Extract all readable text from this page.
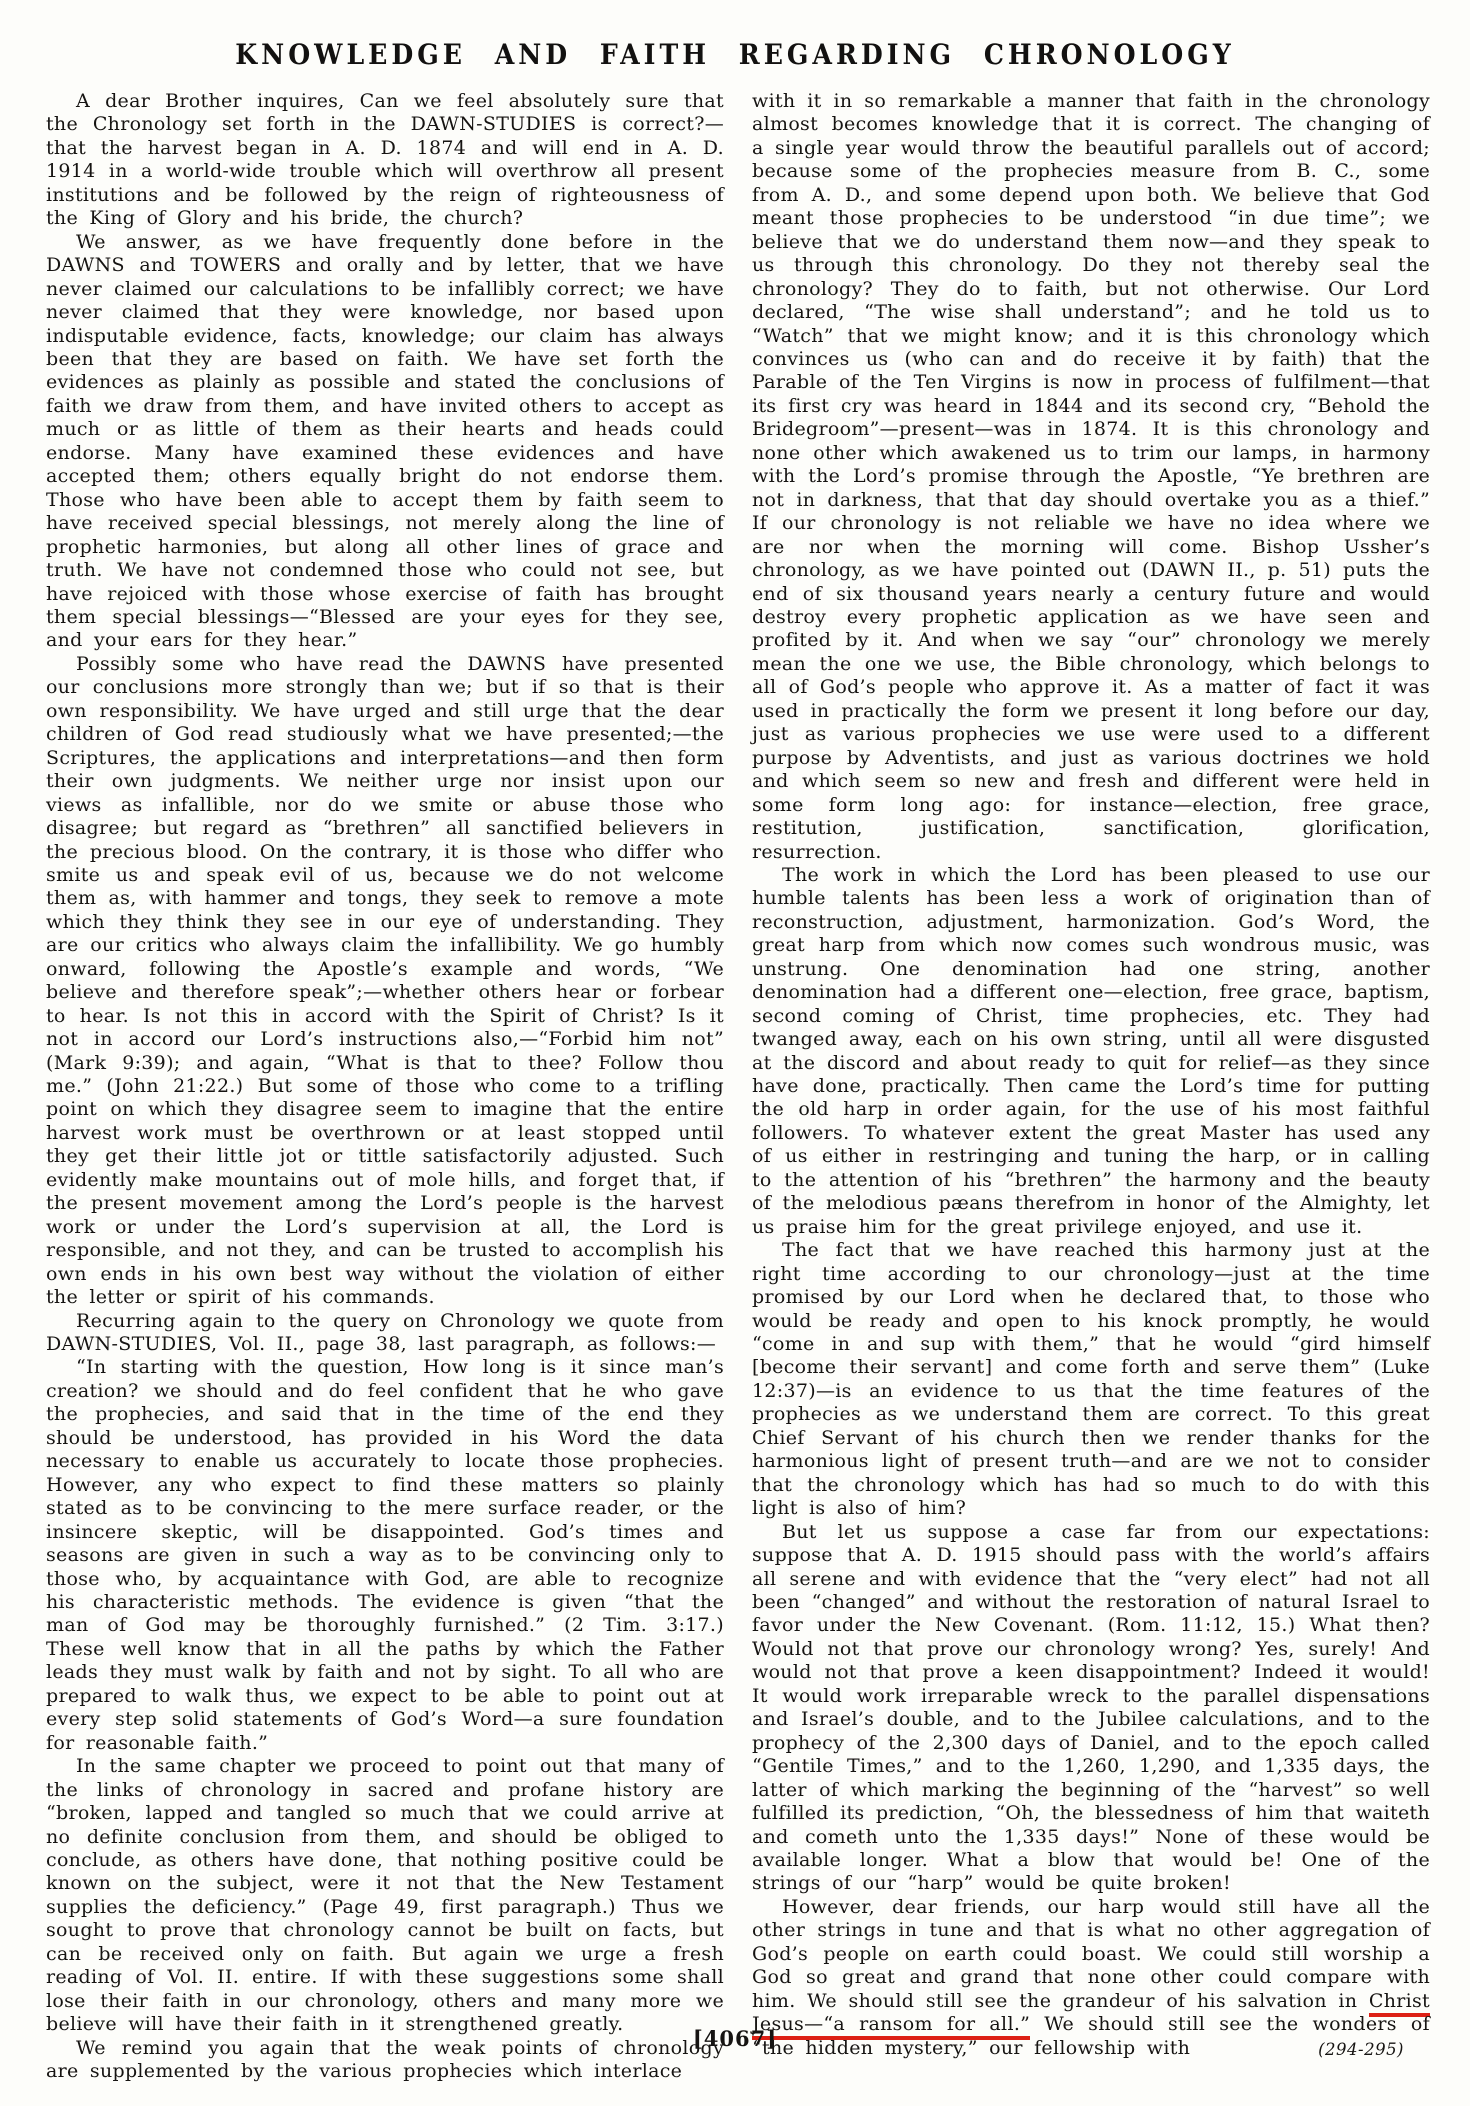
KNOWLEDGE AND FAITH REGARDING CHRONOLOGY

A dear Brother inquires, Can we feel absolutely sure that the Chronology set forth in the DAWN-STUDIES is correct?—that the harvest began in A. D. 1874 and will end in A. D. 1914 in a world-wide trouble which will overthrow all present institutions and be followed by the reign of righteousness of the King of Glory and his bride, the church?

We answer, as we have frequently done before in the DAWNS and TOWERS and orally and by letter, that we have never claimed our calculations to be infallibly correct; we have never claimed that they were knowledge, nor based upon indisputable evidence, facts, knowledge; our claim has always been that they are based on faith. We have set forth the evidences as plainly as possible and stated the conclusions of faith we draw from them, and have invited others to accept as much or as little of them as their hearts and heads could endorse. Many have examined these evidences and have accepted them; others equally bright do not endorse them. Those who have been able to accept them by faith seem to have received special blessings, not merely along the line of prophetic harmonies, but along all other lines of grace and truth. We have not condemned those who could not see, but have rejoiced with those whose exercise of faith has brought them special blessings—“Blessed are your eyes for they see, and your ears for they hear.”

Possibly some who have read the DAWNS have presented our conclusions more strongly than we; but if so that is their own responsibility. We have urged and still urge that the dear children of God read studiously what we have presented;—the Scriptures, the applications and interpretations—and then form their own judgments. We neither urge nor insist upon our views as infallible, nor do we smite or abuse those who disagree; but regard as “brethren” all sanctified believers in the precious blood. On the contrary, it is those who differ who smite us and speak evil of us, because we do not welcome them as, with hammer and tongs, they seek to remove a mote which they think they see in our eye of understanding. They are our critics who always claim the infallibility. We go humbly onward, following the Apostle’s example and words, “We believe and therefore speak”;—whether others hear or forbear to hear. Is not this in accord with the Spirit of Christ? Is it not in accord our Lord’s instructions also,—“Forbid him not” (Mark 9:39); and again, “What is that to thee? Follow thou me.” (John 21:22.) But some of those who come to a trifling point on which they disagree seem to imagine that the entire harvest work must be overthrown or at least stopped until they get their little jot or tittle satisfactorily adjusted. Such evidently make mountains out of mole hills, and forget that, if the present movement among the Lord’s people is the harvest work or under the Lord’s supervision at all, the Lord is responsible, and not they, and can be trusted to accomplish his own ends in his own best way without the violation of either the letter or spirit of his commands.

Recurring again to the query on Chronology we quote from DAWN-STUDIES, Vol. II., page 38, last paragraph, as follows:—

“In starting with the question, How long is it since man’s creation? we should and do feel confident that he who gave the prophecies, and said that in the time of the end they should be understood, has provided in his Word the data necessary to enable us accurately to locate those prophecies. However, any who expect to find these matters so plainly stated as to be convincing to the mere surface reader, or the insincere skeptic, will be disappointed. God’s times and seasons are given in such a way as to be convincing only to those who, by acquaintance with God, are able to recognize his characteristic methods. The evidence is given “that the man of God may be thoroughly furnished.” (2 Tim. 3:17.) These well know that in all the paths by which the Father leads they must walk by faith and not by sight. To all who are prepared to walk thus, we expect to be able to point out at every step solid statements of God’s Word—a sure foundation for reasonable faith.”

In the same chapter we proceed to point out that many of the links of chronology in sacred and profane history are “broken, lapped and tangled so much that we could arrive at no definite conclusion from them, and should be obliged to conclude, as others have done, that nothing positive could be known on the subject, were it not that the New Testament supplies the deficiency.” (Page 49, first paragraph.) Thus we sought to prove that chronology cannot be built on facts, but can be received only on faith. But again we urge a fresh reading of Vol. II. entire. If with these suggestions some shall lose their faith in our chronology, others and many more we believe will have their faith in it strengthened greatly.

We remind you again that the weak points of chronology are supplemented by the various prophecies which interlace

with it in so remarkable a manner that faith in the chronology almost becomes knowledge that it is correct. The changing of a single year would throw the beautiful parallels out of accord; because some of the prophecies measure from B. C., some from A. D., and some depend upon both. We believe that God meant those prophecies to be understood “in due time”; we believe that we do understand them now—and they speak to us through this chronology. Do they not thereby seal the chronology? They do to faith, but not otherwise. Our Lord declared, “The wise shall understand”; and he told us to “Watch” that we might know; and it is this chronology which convinces us (who can and do receive it by faith) that the Parable of the Ten Virgins is now in process of fulfilment—that its first cry was heard in 1844 and its second cry, “Behold the Bridegroom”—present—was in 1874. It is this chronology and none other which awakened us to trim our lamps, in harmony with the Lord’s promise through the Apostle, “Ye brethren are not in darkness, that that day should overtake you as a thief.” If our chronology is not reliable we have no idea where we are nor when the morning will come. Bishop Ussher’s chronology, as we have pointed out (DAWN II., p. 51) puts the end of six thousand years nearly a century future and would destroy every prophetic application as we have seen and profited by it. And when we say “our” chronology we merely mean the one we use, the Bible chronology, which belongs to all of God’s people who approve it. As a matter of fact it was used in practically the form we present it long before our day, just as various prophecies we use were used to a different purpose by Adventists, and just as various doctrines we hold and which seem so new and fresh and different were held in some form long ago: for instance—election, free grace, restitution, justification, sanctification, glorification, resurrection.

The work in which the Lord has been pleased to use our humble talents has been less a work of origination than of reconstruction, adjustment, harmonization. God’s Word, the great harp from which now comes such wondrous music, was unstrung. One denomination had one string, another denomination had a different one—election, free grace, baptism, second coming of Christ, time prophecies, etc. They had twanged away, each on his own string, until all were disgusted at the discord and about ready to quit for relief—as they since have done, practically. Then came the Lord’s time for putting the old harp in order again, for the use of his most faithful followers. To whatever extent the great Master has used any of us either in restringing and tuning the harp, or in calling to the attention of his “brethren” the harmony and the beauty of the melodious pæans therefrom in honor of the Almighty, let us praise him for the great privilege enjoyed, and use it.

The fact that we have reached this harmony just at the right time according to our chronology—just at the time promised by our Lord when he declared that, to those who would be ready and open to his knock promptly, he would “come in and sup with them,” that he would “gird himself [become their servant] and come forth and serve them” (Luke 12:37)—is an evidence to us that the time features of the prophecies as we understand them are correct. To this great Chief Servant of his church then we render thanks for the harmonious light of present truth—and are we not to consider that the chronology which has had so much to do with this light is also of him?

But let us suppose a case far from our expectations: suppose that A. D. 1915 should pass with the world’s affairs all serene and with evidence that the “very elect” had not all been “changed” and without the restoration of natural Israel to favor under the New Covenant. (Rom. 11:12, 15.) What then? Would not that prove our chronology wrong? Yes, surely! And would not that prove a keen disappointment? Indeed it would! It would work irreparable wreck to the parallel dispensations and Israel’s double, and to the Jubilee calculations, and to the prophecy of the 2,300 days of Daniel, and to the epoch called “Gentile Times,” and to the 1,260, 1,290, and 1,335 days, the latter of which marking the beginning of the “harvest” so well fulfilled its prediction, “Oh, the blessedness of him that waiteth and cometh unto the 1,335 days!” None of these would be available longer. What a blow that would be! One of the strings of our “harp” would be quite broken!

However, dear friends, our harp would still have all the other strings in tune and that is what no other aggregation of God’s people on earth could boast. We could still worship a God so great and grand that none other could compare with him. We should still see the grandeur of his salvation in Christ Jesus—“a ransom for all.” We should still see the wonders of “the hidden mystery,” our fellowship with

[4067]	(294-295)
